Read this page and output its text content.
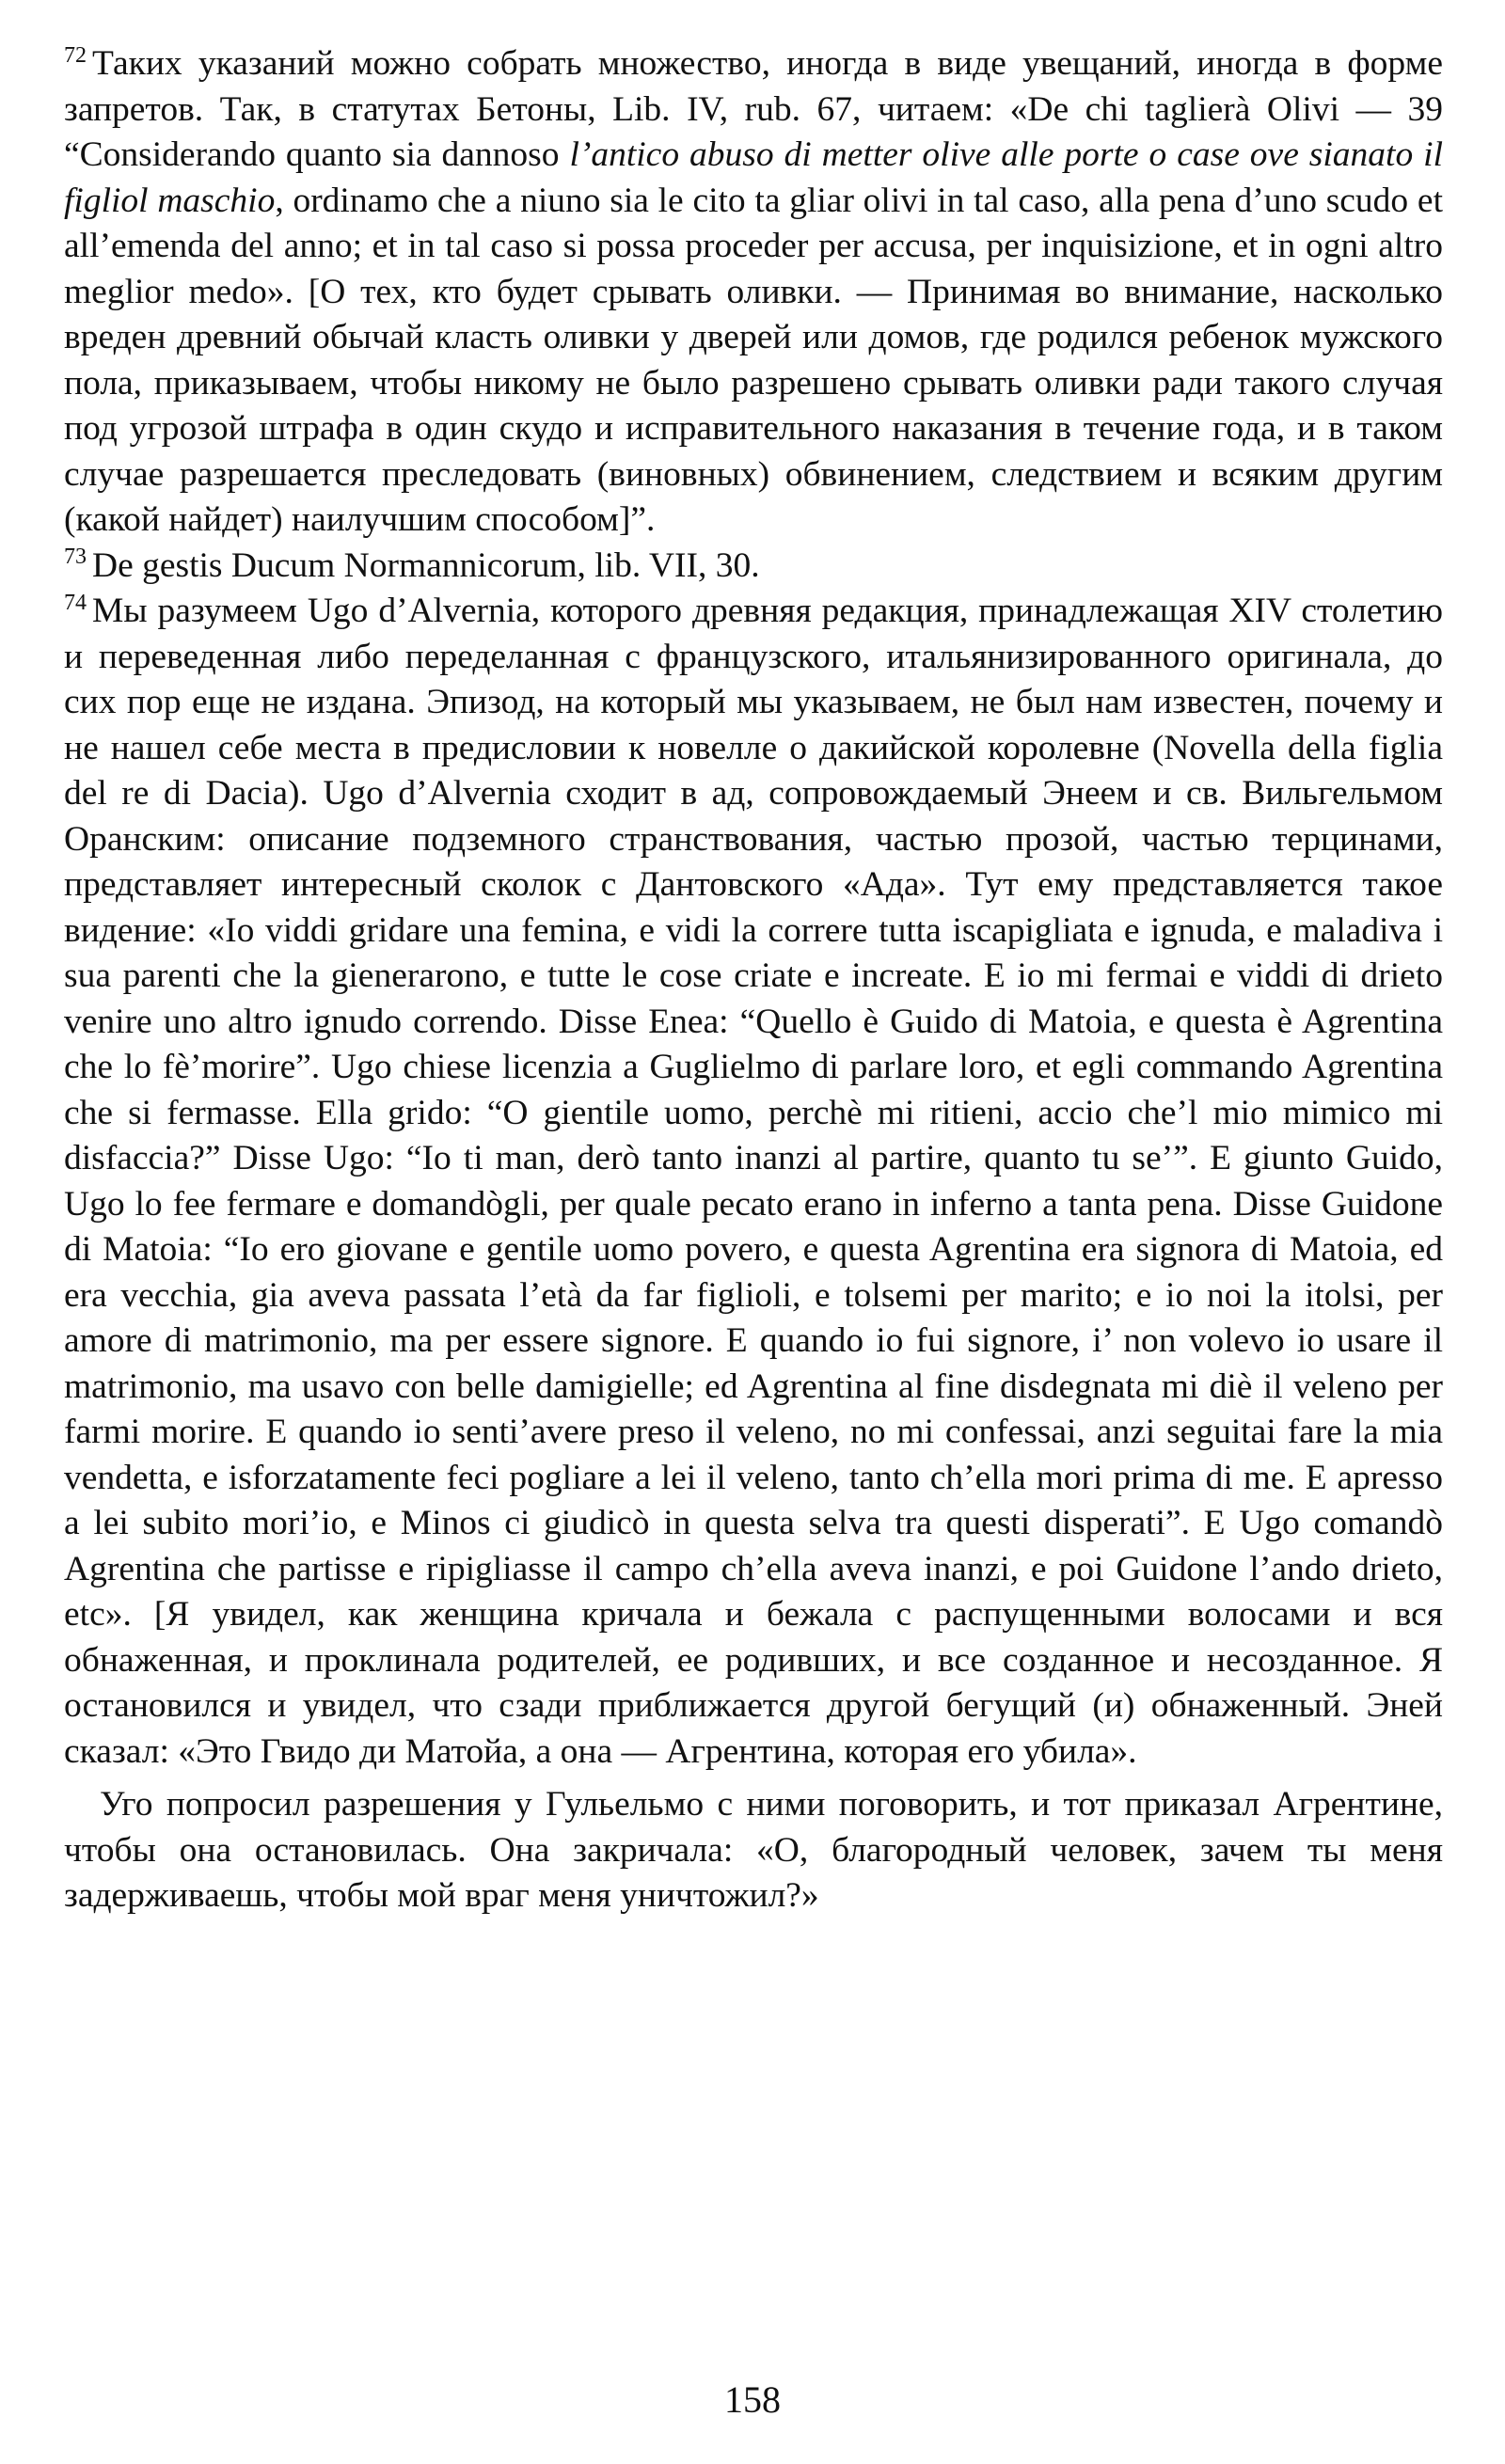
$^{72}$ Таких указаний можно собрать множество, иногда в виде увещаний, иногда в форме запретов. Так, в статутах Бетоны, Lib. IV, rub. 67, читаем: «De chi taglierà Olivi — 39 “Considerando quanto sia dannoso l’antico abuso di metter olive alle porte o case ove sianato il figliol maschio, ordinamo che a niuno sia le cito ta gliar olivi in tal caso, alla pena d’uno scudo et all’emenda del anno; et in tal caso si possa proceder per accusa, per inquisizione, et in ogni altro meglior medo». [О тех, кто будет срывать оливки. — Принимая во внимание, насколько вреден древний обычай класть оливки у дверей или домов, где родился ребенок мужского пола, приказываем, чтобы никому не было разрешено срывать оливки ради такого случая под угрозой штрафа в один скудо и исправительного наказания в течение года, и в таком случае разрешается преследовать (виновных) обвинением, следствием и всяким другим (какой найдет) наилучшим способом]”.

$^{73}$ De gestis Ducum Normannicorum, lib. VII, 30.

$^{74}$ Мы разумеем Ugo d’Alvernia, которого древняя редакция, принадлежащая XIV столетию и переведенная либо переделанная с французского, итальянизированного оригинала, до сих пор еще не издана. Эпизод, на который мы указываем, не был нам известен, почему и не нашел себе места в предисловии к новелле о дакийской королевне (Novella della figlia del re di Dacia). Ugo d’Alvernia сходит в ад, сопровождаемый Энеем и св. Вильгельмом Оранским: описание подземного странствования, частью прозой, частью терцинами, представляет интересный сколок с Дантовского «Ада». Тут ему представляется такое видение: «Io viddi gridare una femina, e vidi la correre tutta iscapigliata e ignuda, e maladiva i sua parenti che la gienerarono, e tutte le cose criate e increate. E io mi fermai e viddi di drieto venire uno altro ignudo correndo. Disse Enea: “Quello è Guido di Matoia, e questa è Agrentina che lo fè’morire”. Ugo chiese licenzia a Guglielmo di parlare loro, et egli commando Agrentina che si fermasse. Ella grido: “O gientile uomo, perchè mi ritieni, accio che’l mio mimico mi disfaccia?” Disse Ugo: “Io ti man, derò tanto inanzi al partire, quanto tu se’”. E giunto Guido, Ugo lo fee fermare e domandògli, per quale pecato erano in inferno a tanta pena. Disse Guidone di Matoia: “Io ero giovane e gentile uomo povero, e questa Agrentina era signora di Matoia, ed era vecchia, gia aveva passata l’età da far figlioli, e tolsemi per marito; e io noi la itolsi, per amore di matrimonio, ma per essere signore. E quando io fui signore, i’ non volevo io usare il matrimonio, ma usavo con belle damigielle; ed Agrentina al fine disdegnata mi diè il veleno per farmi morire. E quando io senti’avere preso il veleno, no mi confessai, anzi seguitai fare la mia vendetta, e isforzatamente feci pogliare a lei il veleno, tanto ch’ella mori prima di me. E apresso a lei subito mori’io, e Minos ci giudicò in questa selva tra questi disperati”. E Ugo comandò Agrentina che partisse e ripigliasse il campo ch’ella aveva inanzi, e poi Guidone l’ando drieto, etc». [Я увидел, как женщина кричала и бежала с распущенными волосами и вся обнаженная, и проклинала родителей, ее родивших, и все созданное и несозданное. Я остановился и увидел, что сзади приближается другой бегущий (и) обнаженный. Эней сказал: «Это Гвидо ди Матойа, а она — Агрентина, которая его убила».

Уго попросил разрешения у Гульельмо с ними поговорить, и тот приказал Агрентине, чтобы она остановилась. Она закричала: «О, благородный человек, зачем ты меня задерживаешь, чтобы мой враг меня уничтожил?»

158
